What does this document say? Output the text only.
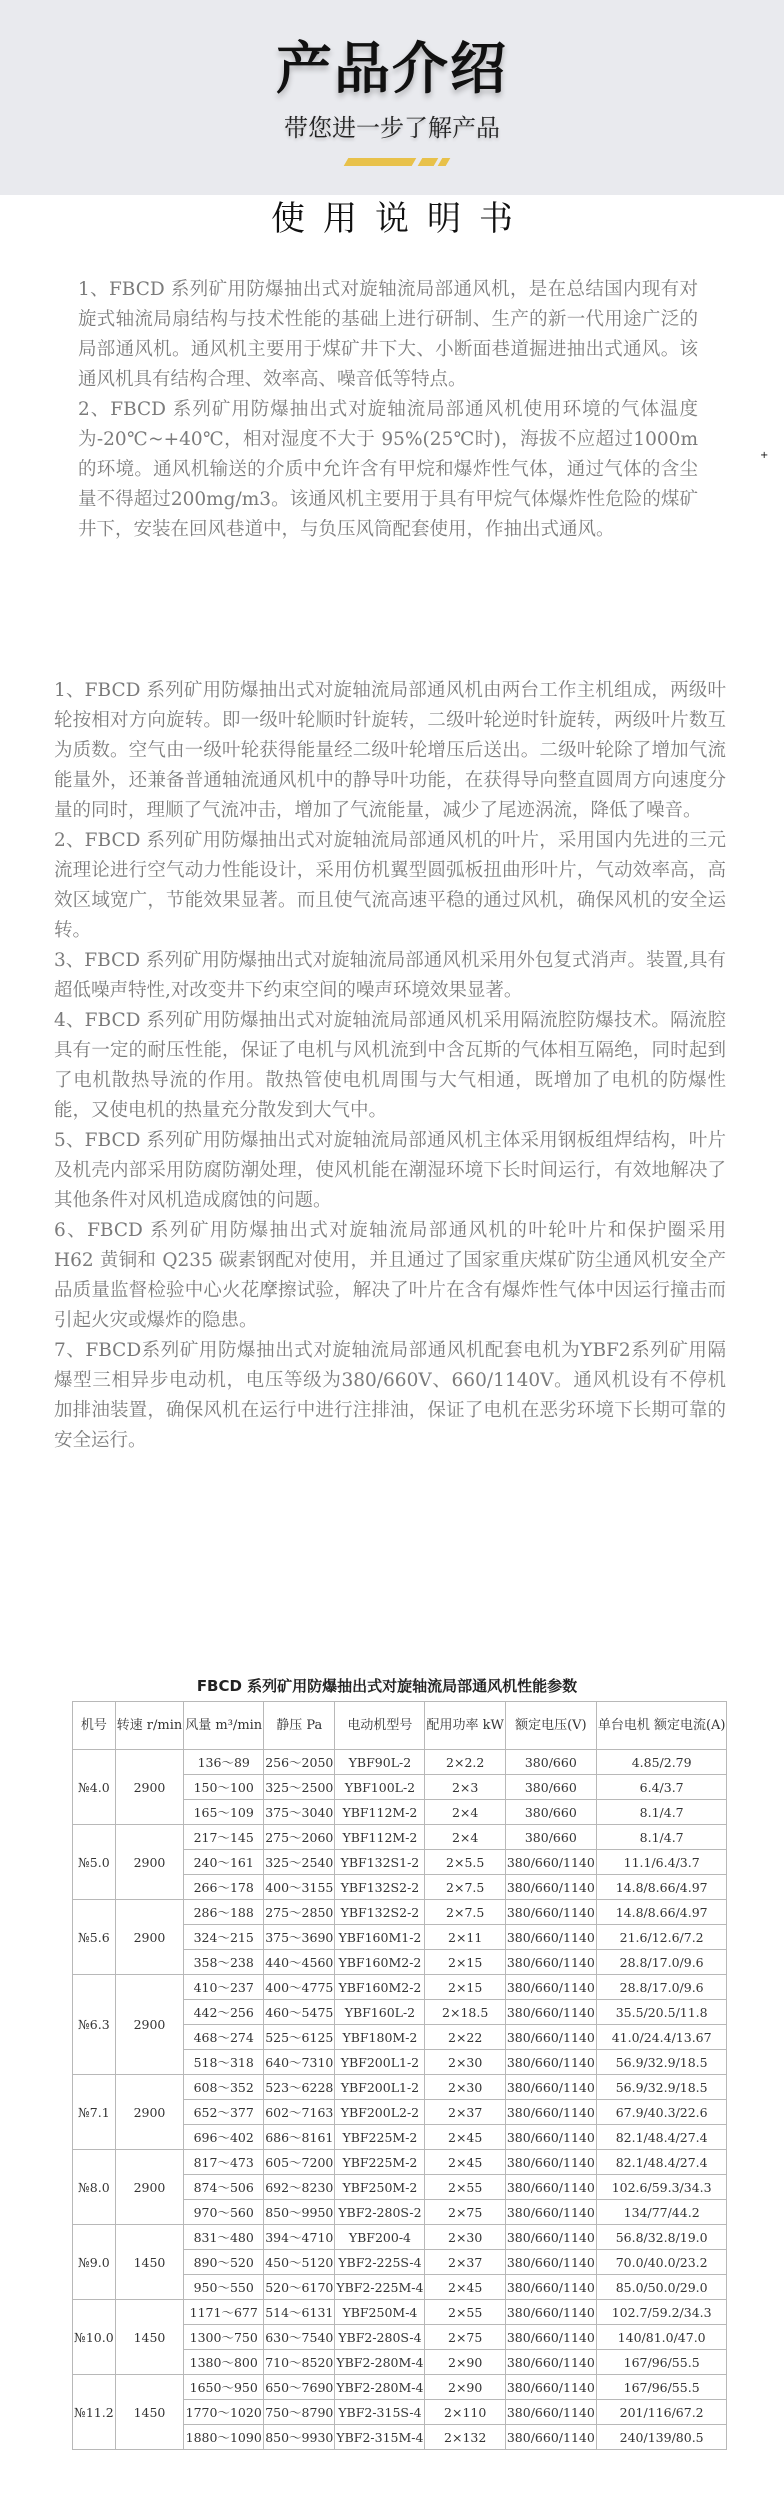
产品介绍
带您进一步了解产品
使用说明书

1、FBCD 系列矿用防爆抽出式对旋轴流局部通风机，是在总结国内现有对旋式轴流局扇结构与技术性能的基础上进行研制、生产的新一代用途广泛的局部通风机。通风机主要用于煤矿井下大、小断面巷道掘进抽出式通风。该通风机具有结构合理、效率高、噪音低等特点。

2、FBCD 系列矿用防爆抽出式对旋轴流局部通风机使用环境的气体温度为-20℃~+40℃，相对湿度不大于 95%(25℃时)，海拔不应超过1000m的环境。通风机输送的介质中允许含有甲烷和爆炸性气体，通过气体的含尘量不得超过200mg/m3。该通风机主要用于具有甲烷气体爆炸性危险的煤矿井下，安装在回风巷道中，与负压风筒配套使用，作抽出式通风。

+

1、FBCD 系列矿用防爆抽出式对旋轴流局部通风机由两台工作主机组成，两级叶轮按相对方向旋转。即一级叶轮顺时针旋转，二级叶轮逆时针旋转，两级叶片数互为质数。空气由一级叶轮获得能量经二级叶轮增压后送出。二级叶轮除了增加气流能量外，还兼备普通轴流通风机中的静导叶功能，在获得导向整直圆周方向速度分量的同时，理顺了气流冲击，增加了气流能量，减少了尾迹涡流，降低了噪音。

2、FBCD 系列矿用防爆抽出式对旋轴流局部通风机的叶片，采用国内先进的三元流理论进行空气动力性能设计，采用仿机翼型圆弧板扭曲形叶片，气动效率高，高效区域宽广，节能效果显著。而且使气流高速平稳的通过风机，确保风机的安全运转。

3、FBCD 系列矿用防爆抽出式对旋轴流局部通风机采用外包复式消声。装置,具有超低噪声特性,对改变井下约束空间的噪声环境效果显著。

4、FBCD 系列矿用防爆抽出式对旋轴流局部通风机采用隔流腔防爆技术。隔流腔具有一定的耐压性能，保证了电机与风机流到中含瓦斯的气体相互隔绝，同时起到了电机散热导流的作用。散热管使电机周围与大气相通，既增加了电机的防爆性能，又使电机的热量充分散发到大气中。

5、FBCD 系列矿用防爆抽出式对旋轴流局部通风机主体采用钢板组焊结构，叶片及机壳内部采用防腐防潮处理，使风机能在潮湿环境下长时间运行，有效地解决了其他条件对风机造成腐蚀的问题。

6、FBCD 系列矿用防爆抽出式对旋轴流局部通风机的叶轮叶片和保护圈采用 H62 黄铜和 Q235 碳素钢配对使用，并且通过了国家重庆煤矿防尘通风机安全产品质量监督检验中心火花摩擦试验，解决了叶片在含有爆炸性气体中因运行撞击而引起火灾或爆炸的隐患。

7、FBCD系列矿用防爆抽出式对旋轴流局部通风机配套电机为YBF2系列矿用隔爆型三相异步电动机，电压等级为380/660V、660/1140V。通风机设有不停机加排油装置，确保风机在运行中进行注排油，保证了电机在恶劣环境下长期可靠的安全运行。

FBCD 系列矿用防爆抽出式对旋轴流局部通风机性能参数
机号	转速 r/min	风量 m³/min	静压 Pa	电动机型号	配用功率 kW	额定电压(V)	单台电机 额定电流(A)
№4.0	2900	136～89	256～2050	YBF90L-2	2×2.2	380/660	4.85/2.79
		150～100	325～2500	YBF100L-2	2×3	380/660	6.4/3.7
		165～109	375～3040	YBF112M-2	2×4	380/660	8.1/4.7
№5.0	2900	217～145	275～2060	YBF112M-2	2×4	380/660	8.1/4.7
		240～161	325～2540	YBF132S1-2	2×5.5	380/660/1140	11.1/6.4/3.7
		266～178	400～3155	YBF132S2-2	2×7.5	380/660/1140	14.8/8.66/4.97
№5.6	2900	286～188	275～2850	YBF132S2-2	2×7.5	380/660/1140	14.8/8.66/4.97
		324～215	375～3690	YBF160M1-2	2×11	380/660/1140	21.6/12.6/7.2
		358～238	440～4560	YBF160M2-2	2×15	380/660/1140	28.8/17.0/9.6
№6.3	2900	410～237	400～4775	YBF160M2-2	2×15	380/660/1140	28.8/17.0/9.6
		442～256	460～5475	YBF160L-2	2×18.5	380/660/1140	35.5/20.5/11.8
		468～274	525～6125	YBF180M-2	2×22	380/660/1140	41.0/24.4/13.67
		518～318	640～7310	YBF200L1-2	2×30	380/660/1140	56.9/32.9/18.5
№7.1	2900	608～352	523～6228	YBF200L1-2	2×30	380/660/1140	56.9/32.9/18.5
		652～377	602～7163	YBF200L2-2	2×37	380/660/1140	67.9/40.3/22.6
		696～402	686～8161	YBF225M-2	2×45	380/660/1140	82.1/48.4/27.4
№8.0	2900	817～473	605～7200	YBF225M-2	2×45	380/660/1140	82.1/48.4/27.4
		874～506	692～8230	YBF250M-2	2×55	380/660/1140	102.6/59.3/34.3
		970～560	850～9950	YBF2-280S-2	2×75	380/660/1140	134/77/44.2
№9.0	1450	831～480	394～4710	YBF200-4	2×30	380/660/1140	56.8/32.8/19.0
		890～520	450～5120	YBF2-225S-4	2×37	380/660/1140	70.0/40.0/23.2
		950～550	520～6170	YBF2-225M-4	2×45	380/660/1140	85.0/50.0/29.0
№10.0	1450	1171～677	514～6131	YBF250M-4	2×55	380/660/1140	102.7/59.2/34.3
		1300～750	630～7540	YBF2-280S-4	2×75	380/660/1140	140/81.0/47.0
		1380～800	710～8520	YBF2-280M-4	2×90	380/660/1140	167/96/55.5
№11.2	1450	1650～950	650～7690	YBF2-280M-4	2×90	380/660/1140	167/96/55.5
		1770～1020	750～8790	YBF2-315S-4	2×110	380/660/1140	201/116/67.2
		1880～1090	850～9930	YBF2-315M-4	2×132	380/660/1140	240/139/80.5
